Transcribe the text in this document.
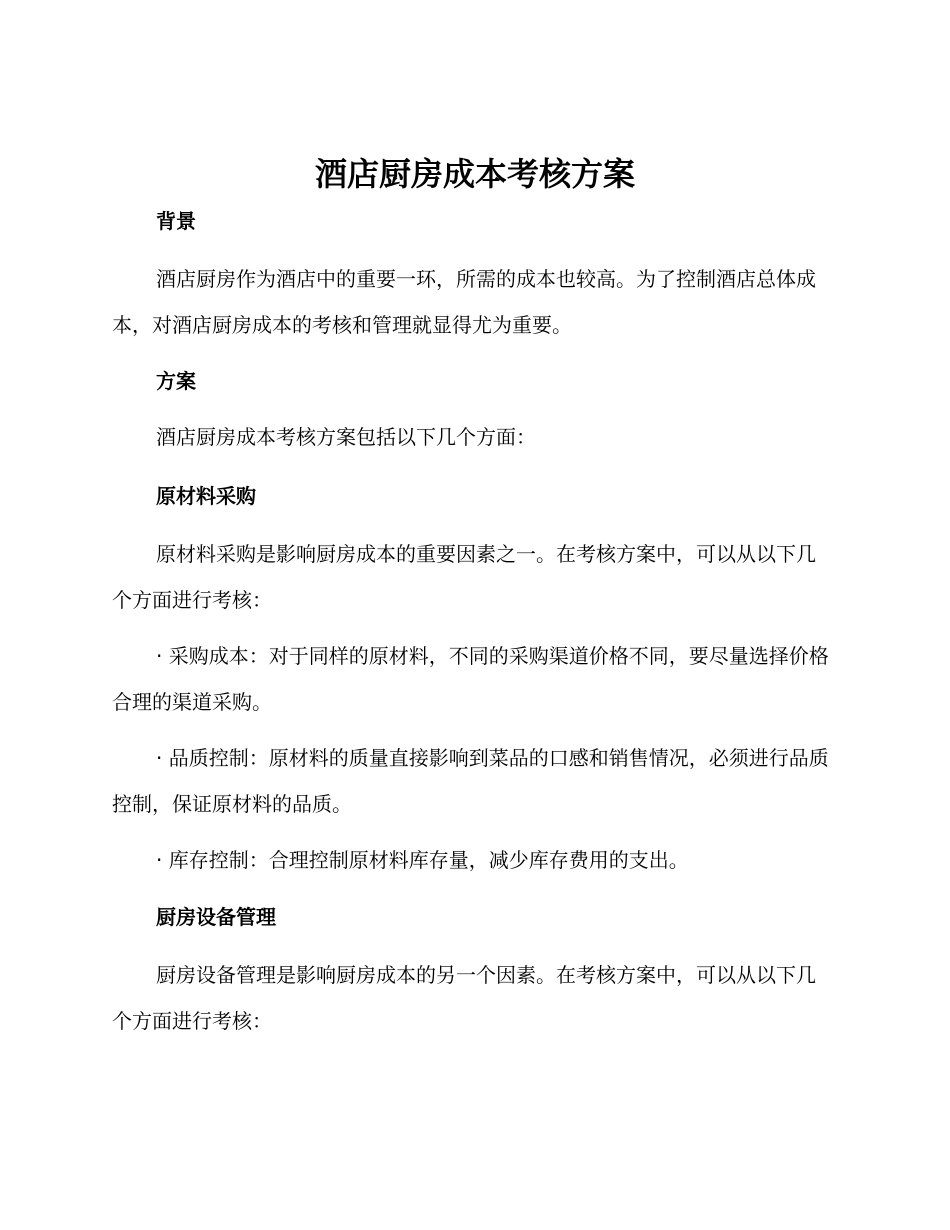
酒店厨房成本考核方案

背景

酒店厨房作为酒店中的重要一环，所需的成本也较高。为了控制酒店总体成本，对酒店厨房成本的考核和管理就显得尤为重要。

方案

酒店厨房成本考核方案包括以下几个方面：

原材料采购

原材料采购是影响厨房成本的重要因素之一。在考核方案中，可以从以下几个方面进行考核：

· 采购成本：对于同样的原材料，不同的采购渠道价格不同，要尽量选择价格合理的渠道采购。

· 品质控制：原材料的质量直接影响到菜品的口感和销售情况，必须进行品质控制，保证原材料的品质。

· 库存控制：合理控制原材料库存量，减少库存费用的支出。

厨房设备管理

厨房设备管理是影响厨房成本的另一个因素。在考核方案中，可以从以下几个方面进行考核：
